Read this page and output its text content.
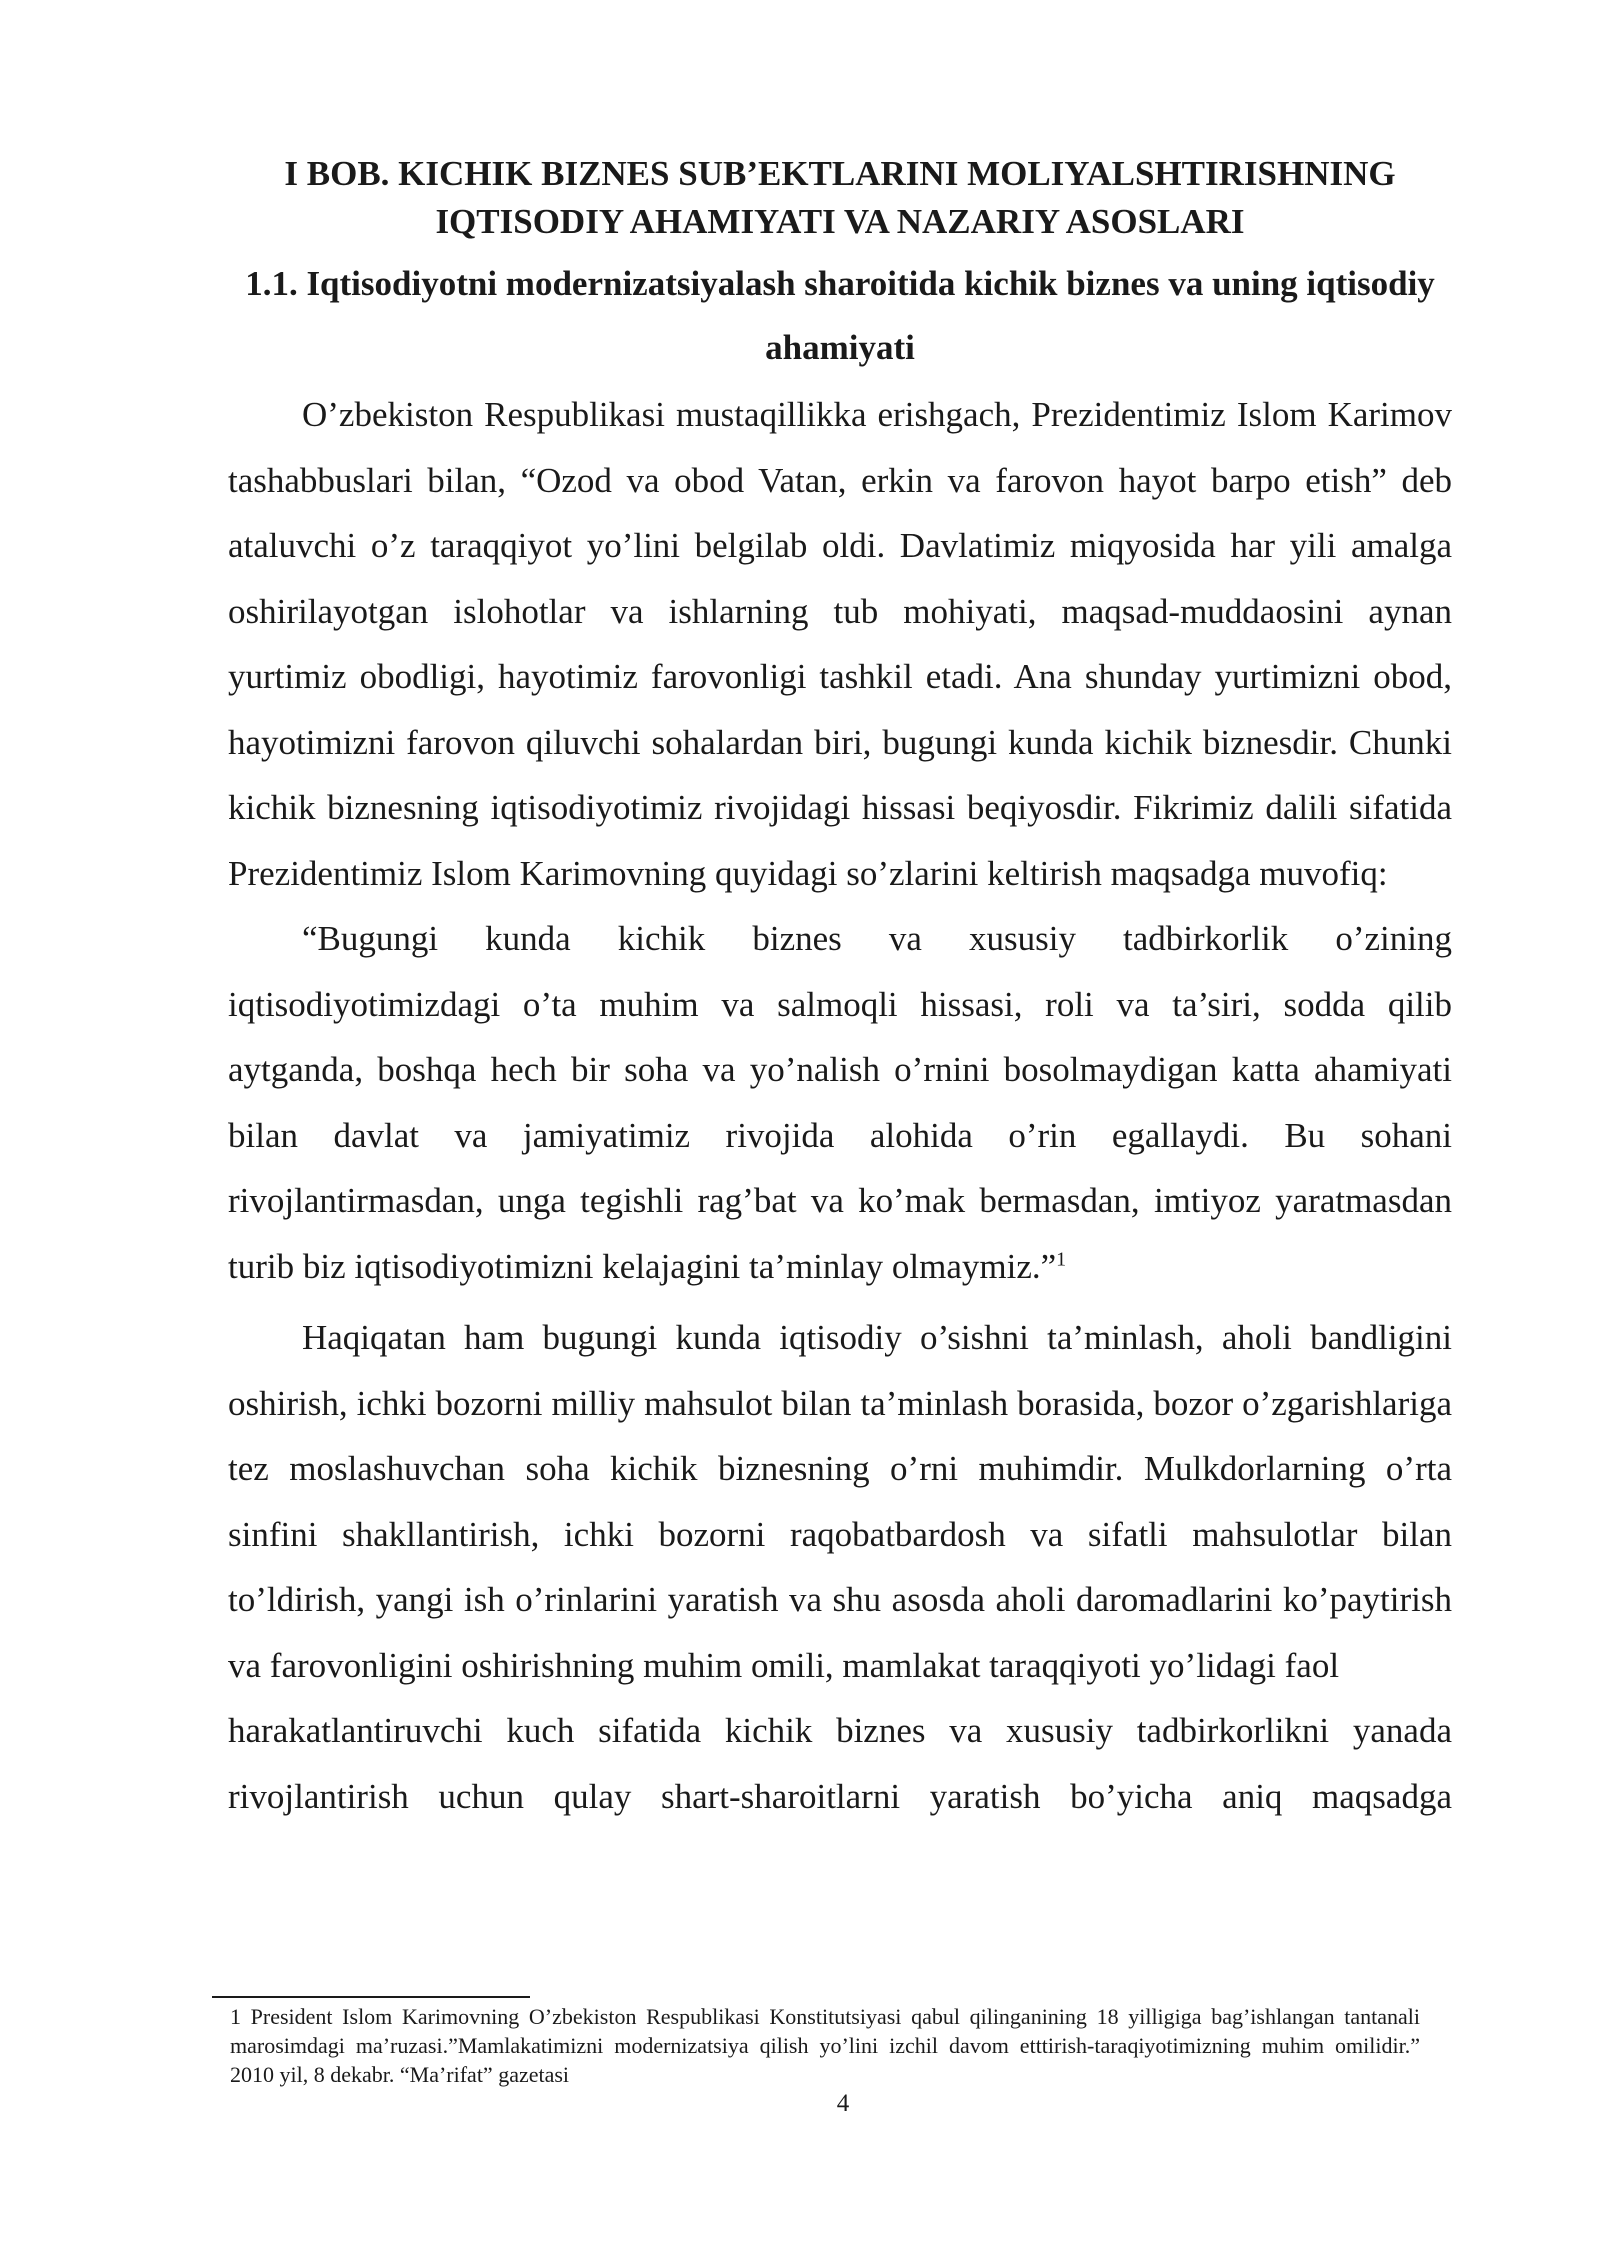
I BOB. KICHIK BIZNES SUB’EKTLARINI MOLIYALSHTIRISHNING IQTISODIY AHAMIYATI VA NAZARIY ASOSLARI
1.1. Iqtisodiyotni modernizatsiyalash sharoitida kichik biznes va uning iqtisodiy ahamiyati

O’zbekiston Respublikasi mustaqillikka erishgach, Prezidentimiz Islom Karimov tashabbuslari bilan, “Ozod va obod Vatan, erkin va farovon hayot barpo etish” deb ataluvchi o’z taraqqiyot yo’lini belgilab oldi. Davlatimiz miqyosida har yili amalga oshirilayotgan islohotlar va ishlarning tub mohiyati, maqsad-muddaosini aynan yurtimiz obodligi, hayotimiz farovonligi tashkil etadi. Ana shunday yurtimizni obod, hayotimizni farovon qiluvchi sohalardan biri, bugungi kunda kichik biznesdir. Chunki kichik biznesning iqtisodiyotimiz rivojidagi hissasi beqiyosdir. Fikrimiz dalili sifatida Prezidentimiz Islom Karimovning quyidagi so’zlarini keltirish maqsadga muvofiq:

“Bugungi kunda kichik biznes va xususiy tadbirkorlik o’zining iqtisodiyotimizdagi o’ta muhim va salmoqli hissasi, roli va ta’siri, sodda qilib aytganda, boshqa hech bir soha va yo’nalish o’rnini bosolmaydigan katta ahamiyati bilan davlat va jamiyatimiz rivojida alohida o’rin egallaydi. Bu sohani rivojlantirmasdan, unga tegishli rag’bat va ko’mak bermasdan, imtiyoz yaratmasdan turib biz iqtisodiyotimizni kelajagini ta’minlay olmaymiz.”$^1$

Haqiqatan ham bugungi kunda iqtisodiy o’sishni ta’minlash, aholi bandligini oshirish, ichki bozorni milliy mahsulot bilan ta’minlash borasida, bozor o’zgarishlariga tez moslashuvchan soha kichik biznesning o’rni muhimdir. Mulkdorlarning o’rta sinfini shakllantirish, ichki bozorni raqobatbardosh va sifatli mahsulotlar bilan to’ldirish, yangi ish o’rinlarini yaratish va shu asosda aholi daromadlarini ko’paytirish va farovonligini oshirishning muhim omili, mamlakat taraqqiyoti yo’lidagi faol

harakatlantiruvchi kuch sifatida kichik biznes va xususiy tadbirkorlikni yanada rivojlantirish uchun qulay shart-sharoitlarni yaratish bo’yicha aniq maqsadga

1 President Islom Karimovning O’zbekiston Respublikasi Konstitutsiyasi qabul qilinganining 18 yilligiga bag’ishlangan tantanali marosimdagi ma’ruzasi.”Mamlakatimizni modernizatsiya qilish yo’lini izchil davom etttirish-taraqiyotimizning muhim omilidir.” 2010 yil, 8 dekabr. “Ma’rifat” gazetasi

4
